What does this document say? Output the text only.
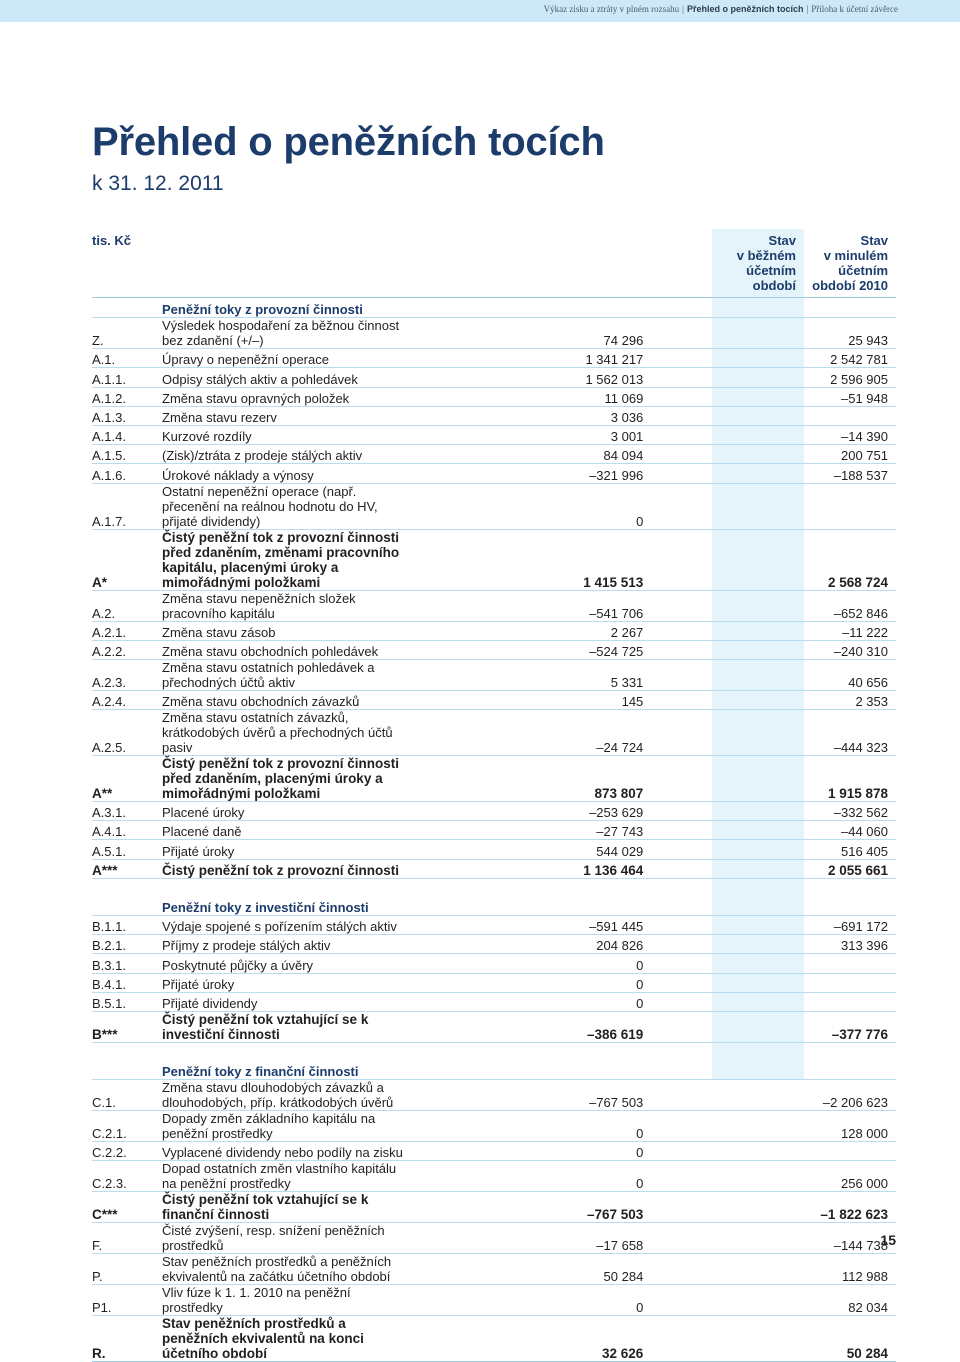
Výkaz zisku a ztráty v plném rozsahu | Přehled o peněžních tocích | Příloha k účetní závěrce
Přehled o peněžních tocích
k 31. 12. 2011
tis. Kč	Stav
v běžném
účetním
období
Stav
v minulém
účetním
období 2010
	Peněžní toky z provozní činnosti		
Z.	Výsledek hospodaření za běžnou činnost bez zdanění (+/–)	74 296	25 943
A.1.	Úpravy o nepeněžní operace	1 341 217	2 542 781
A.1.1.	Odpisy stálých aktiv a pohledávek	1 562 013	2 596 905
A.1.2.	Změna stavu opravných položek	11 069	–51 948
A.1.3.	Změna stavu rezerv	3 036	
A.1.4.	Kurzové rozdíly	3 001	–14 390
A.1.5.	(Zisk)/ztráta z prodeje stálých aktiv	84 094	200 751
A.1.6.	Úrokové náklady a výnosy	–321 996	–188 537
A.1.7.	Ostatní nepeněžní operace (např. přecenění na reálnou hodnotu do HV, přijaté dividendy)	0	
A*	Čistý peněžní tok z provozní činnosti před zdaněním, změnami pracovního kapitálu, placenými úroky a mimořádnými položkami	1 415 513	2 568 724
A.2.	Změna stavu nepeněžních složek pracovního kapitálu	–541 706	–652 846
A.2.1.	Změna stavu zásob	2 267	–11 222
A.2.2.	Změna stavu obchodních pohledávek	–524 725	–240 310
A.2.3.	Změna stavu ostatních pohledávek a přechodných účtů aktiv	5 331	40 656
A.2.4.	Změna stavu obchodních závazků	145	2 353
A.2.5.	Změna stavu ostatních závazků, krátkodobých úvěrů a přechodných účtů pasiv	–24 724	–444 323
A**	Čistý peněžní tok z provozní činnosti před zdaněním, placenými úroky a mimořádnými položkami	873 807	1 915 878
A.3.1.	Placené úroky	–253 629	–332 562
A.4.1.	Placené daně	–27 743	–44 060
A.5.1.	Přijaté úroky	544 029	516 405
A***	Čistý peněžní tok z provozní činnosti	1 136 464	2 055 661

	Peněžní toky z investiční činnosti		
B.1.1.	Výdaje spojené s pořízením stálých aktiv	–591 445	–691 172
B.2.1.	Příjmy z prodeje stálých aktiv	204 826	313 396
B.3.1.	Poskytnuté půjčky a úvěry	0	
B.4.1.	Přijaté úroky	0	
B.5.1.	Přijaté dividendy	0	
B***	Čistý peněžní tok vztahující se k investiční činnosti	–386 619	–377 776

	Peněžní toky z finanční činnosti		
C.1.	Změna stavu dlouhodobých závazků a dlouhodobých, příp. krátkodobých úvěrů	–767 503	–2 206 623
C.2.1.	Dopady změn základního kapitálu na peněžní prostředky	0	128 000
C.2.2.	Vyplacené dividendy nebo podíly na zisku	0	
C.2.3.	Dopad ostatních změn vlastního kapitálu na peněžní prostředky	0	256 000
C***	Čistý peněžní tok vztahující se k finanční činnosti	–767 503	–1 822 623
F.	Čisté zvýšení, resp. snížení peněžních prostředků	–17 658	–144 738
P.	Stav peněžních prostředků a peněžních ekvivalentů na začátku účetního období	50 284	112 988
P1.	Vliv fúze k 1. 1. 2010 na peněžní prostředky	0	82 034
R.	Stav peněžních prostředků a peněžních ekvivalentů na konci účetního období	32 626	50 284
15
